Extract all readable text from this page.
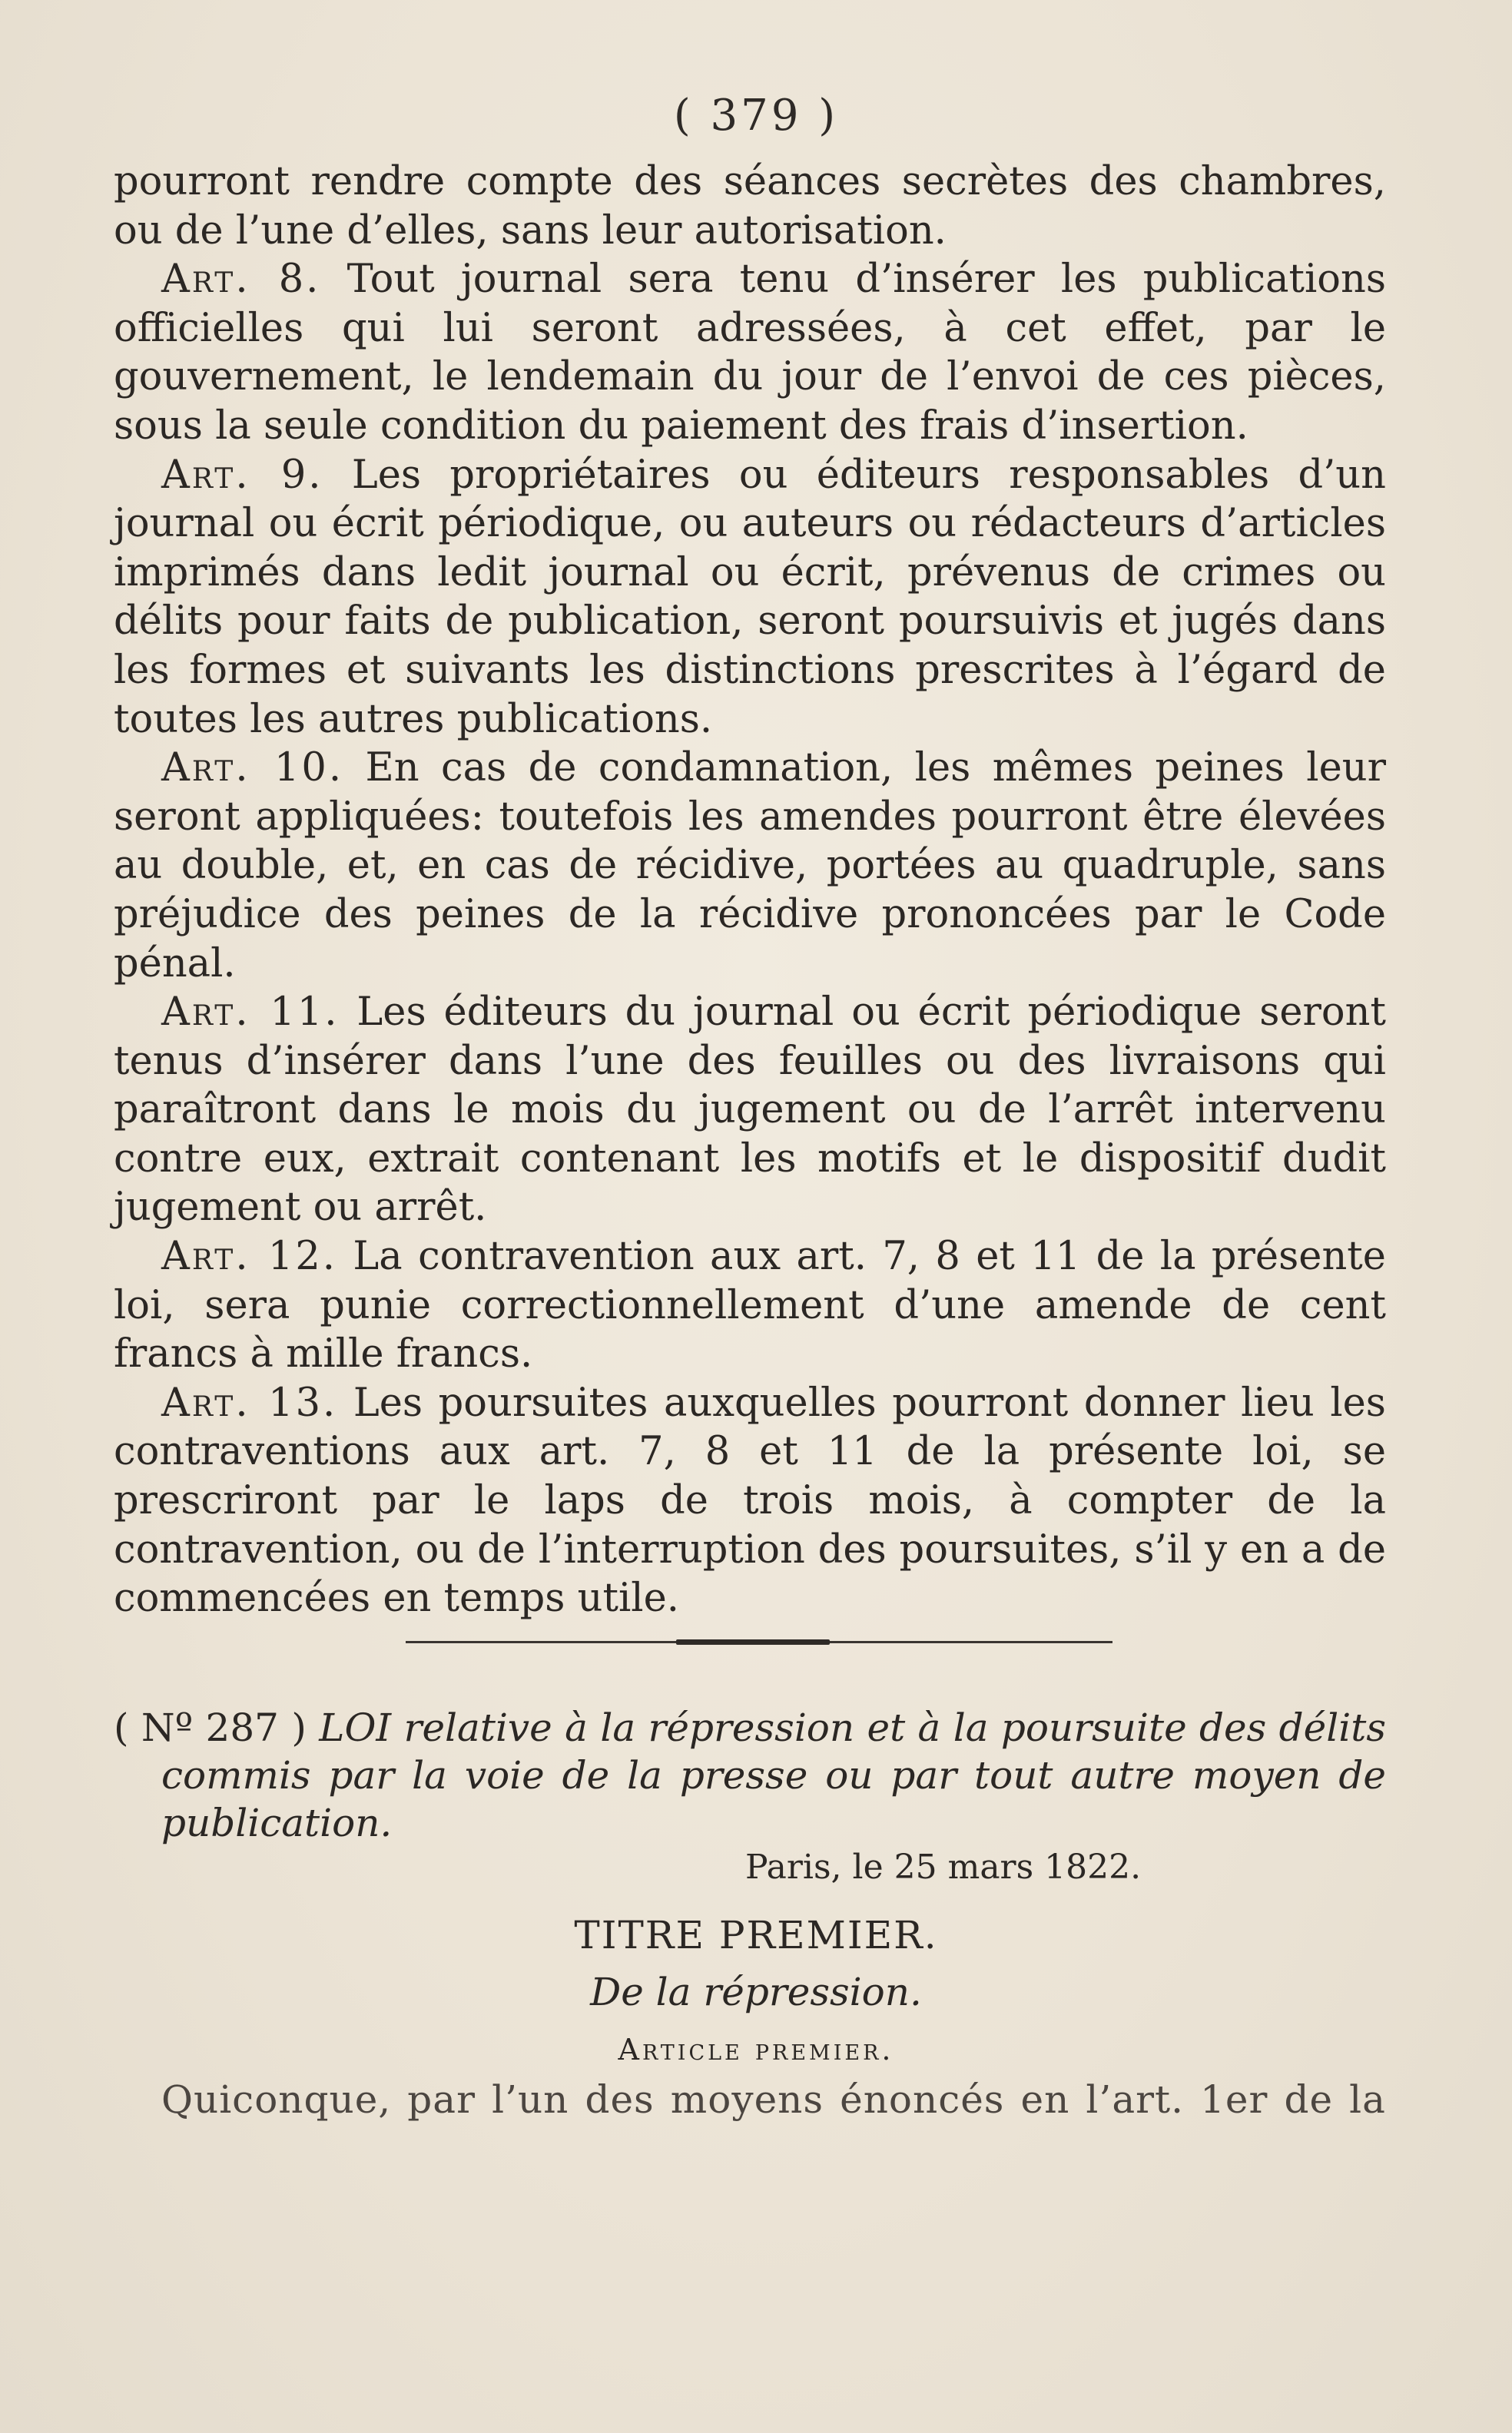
( 379 )

pourront rendre compte des séances secrètes des chambres, ou de l’une d’elles, sans leur autorisation.

Art. 8. Tout journal sera tenu d’insérer les publications officielles qui lui seront adressées, à cet effet, par le gouvernement, le lendemain du jour de l’envoi de ces pièces, sous la seule condition du paiement des frais d’insertion.

Art. 9. Les propriétaires ou éditeurs responsables d’un journal ou écrit périodique, ou auteurs ou rédacteurs d’articles imprimés dans ledit journal ou écrit, prévenus de crimes ou délits pour faits de publication, seront poursuivis et jugés dans les formes et suivants les distinctions prescrites à l’égard de toutes les autres publications.

Art. 10. En cas de condamnation, les mêmes peines leur seront appliquées: toutefois les amendes pourront être élevées au double, et, en cas de récidive, portées au quadruple, sans préjudice des peines de la récidive prononcées par le Code pénal.

Art. 11. Les éditeurs du journal ou écrit périodique seront tenus d’insérer dans l’une des feuilles ou des livraisons qui paraîtront dans le mois du jugement ou de l’arrêt intervenu contre eux, extrait contenant les motifs et le dispositif dudit jugement ou arrêt.

Art. 12. La contravention aux art. 7, 8 et 11 de la présente loi, sera punie correctionnellement d’une amende de cent francs à mille francs.

Art. 13. Les poursuites auxquelles pourront donner lieu les contraventions aux art. 7, 8 et 11 de la présente loi, se prescriront par le laps de trois mois, à compter de la contravention, ou de l’interruption des poursuites, s’il y en a de commencées en temps utile.

( Nº 287 ) LOI relative à la répression et à la poursuite des délits commis par la voie de la presse ou par tout autre moyen de publication.
Paris, le 25 mars 1822.
TITRE PREMIER.
De la répression.
Article premier.
Quiconque, par l’un des moyens énoncés en l’art. 1er de la
